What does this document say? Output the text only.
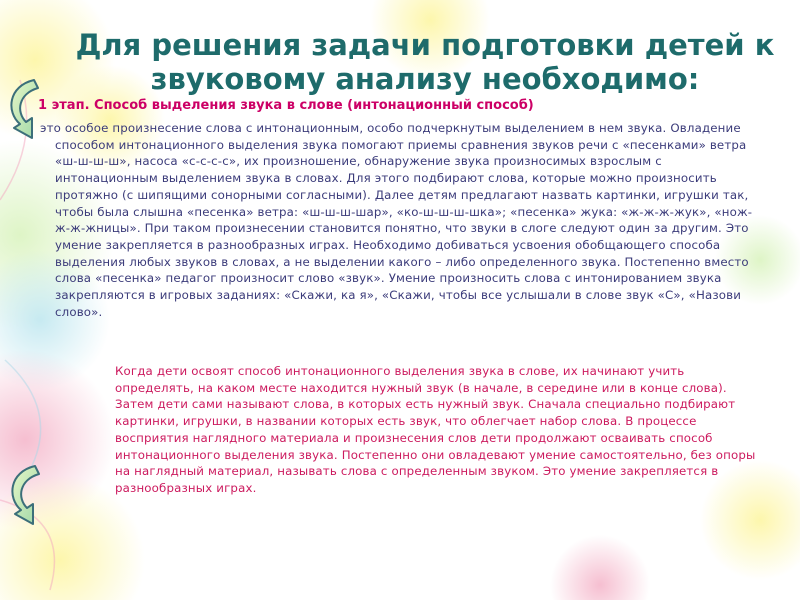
Для решения задачи подготовки детей к звуковому анализу необходимо:
1 этап. Способ выделения звука в слове (интонационный способ)

это особое произнесение слова с интонационным, особо подчеркнутым выделением в нем звука. Овладение способом интонационного выделения звука помогают приемы сравнения звуков речи с «песенками» ветра «ш-ш-ш-ш», насоса «с-с-с-с», их произношение, обнаружение звука произносимых взрослым с интонационным выделением звука в словах. Для этого подбирают слова, которые можно произносить протяжно (с шипящими сонорными согласными). Далее детям предлагают назвать картинки, игрушки так, чтобы была слышна «песенка» ветра: «ш-ш-ш-шар», «ко-ш-ш-ш-шка»; «песенка» жука: «ж-ж-ж-жук», «нож-ж-ж-жницы». При таком произнесении становится понятно, что звуки в слоге следуют один за другим. Это умение закрепляется в разнообразных играх. Необходимо добиваться усвоения обобщающего способа выделения любых звуков в словах, а не выделении какого – либо определенного звука. Постепенно вместо слова «песенка» педагог произносит слово «звук». Умение произносить слова с интонированием звука закрепляются в игровых заданиях: «Скажи, ка я», «Скажи, чтобы все услышали в слове звук «С», «Назови слово».

Когда дети освоят способ интонационного выделения звука в слове, их начинают учить определять, на каком месте находится нужный звук (в начале, в середине или в конце слова). Затем дети сами называют слова, в которых есть нужный звук. Сначала специально подбирают картинки, игрушки, в названии которых есть звук, что облегчает набор слова. В процессе восприятия наглядного материала и произнесения слов дети продолжают осваивать способ интонационного выделения звука. Постепенно они овладевают умение самостоятельно, без опоры на наглядный материал, называть слова с определенным звуком. Это умение закрепляется в разнообразных играх.
